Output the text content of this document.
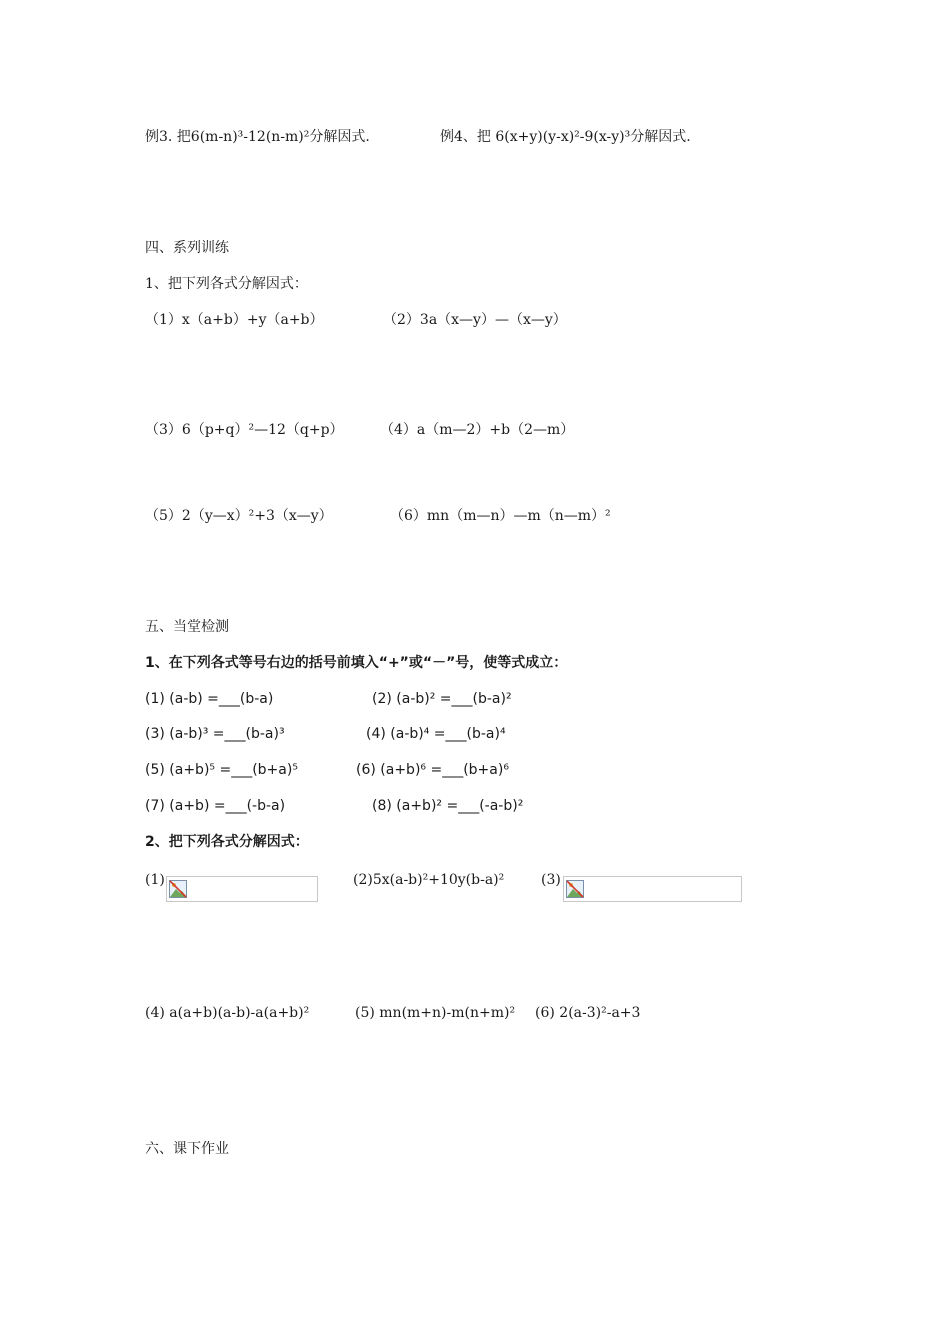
例3. 把6(m-n)³-12(n-m)²分解因式.	例4、把 6(x+y)(y-x)²-9(x-y)³分解因式.
四、系列训练
1、把下列各式分解因式：
（1）x（a+b）+y（a+b）	（2）3a（x—y）—（x—y）
（3）6（p+q）²—12（q+p）	（4）a（m—2）+b（2—m）
（5）2（y—x）²+3（x—y）	（6）mn（m—n）—m（n—m）²
五、当堂检测
1、在下列各式等号右边的括号前填入“+”或“－”号，使等式成立：
(1) (a-b) =___(b-a)	(2) (a-b)² =___(b-a)²
(3) (a-b)³ =___(b-a)³	(4) (a-b)⁴ =___(b-a)⁴
(5) (a+b)⁵ =___(b+a)⁵	(6) (a+b)⁶ =___(b+a)⁶
(7) (a+b) =___(-b-a)	(8) (a+b)² =___(-a-b)²
2、把下列各式分解因式：
(1)	(2)5x(a-b)²+10y(b-a)²	(3)
(4) a(a+b)(a-b)-a(a+b)²	(5) mn(m+n)-m(n+m)² (6) 2(a-3)²-a+3
六、课下作业
